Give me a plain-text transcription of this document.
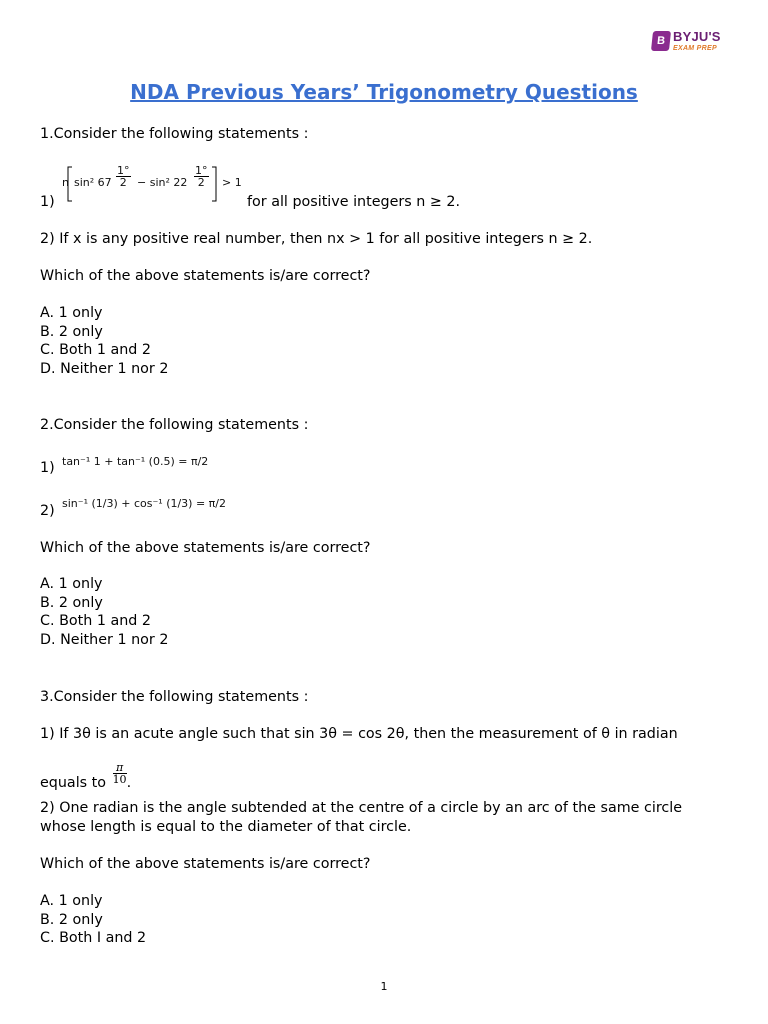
B BYJU'S
EXAM PREP
NDA Previous Years’ Trigonometry Questions
1.Consider the following statements :
n sin² $67 \frac{1^\circ}{2} - \sin^2$ $22 \frac{1^\circ}{2} > 1$
1)	for all positive integers n ≥ 2.
2) If x is any positive real number, then nx > 1 for all positive integers n ≥ 2.
Which of the above statements is/are correct?
A. 1 only
B. 2 only
C. Both 1 and 2
D. Neither 1 nor 2
2.Consider the following statements :
1) tan⁻¹ 1 + tan⁻¹ (0.5) = π/2
2) sin⁻¹ (1/3) + cos⁻¹ (1/3) = π/2
Which of the above statements is/are correct?
A. 1 only
B. 2 only
C. Both 1 and 2
D. Neither 1 nor 2
3.Consider the following statements :
1) If 3θ is an acute angle such that sin 3θ = cos 2θ, then the measurement of θ in radian
equals to $\frac{\pi}{10}$ .
2) One radian is the angle subtended at the centre of a circle by an arc of the same circle
whose length is equal to the diameter of that circle.
Which of the above statements is/are correct?
A. 1 only
B. 2 only
C. Both I and 2
1
